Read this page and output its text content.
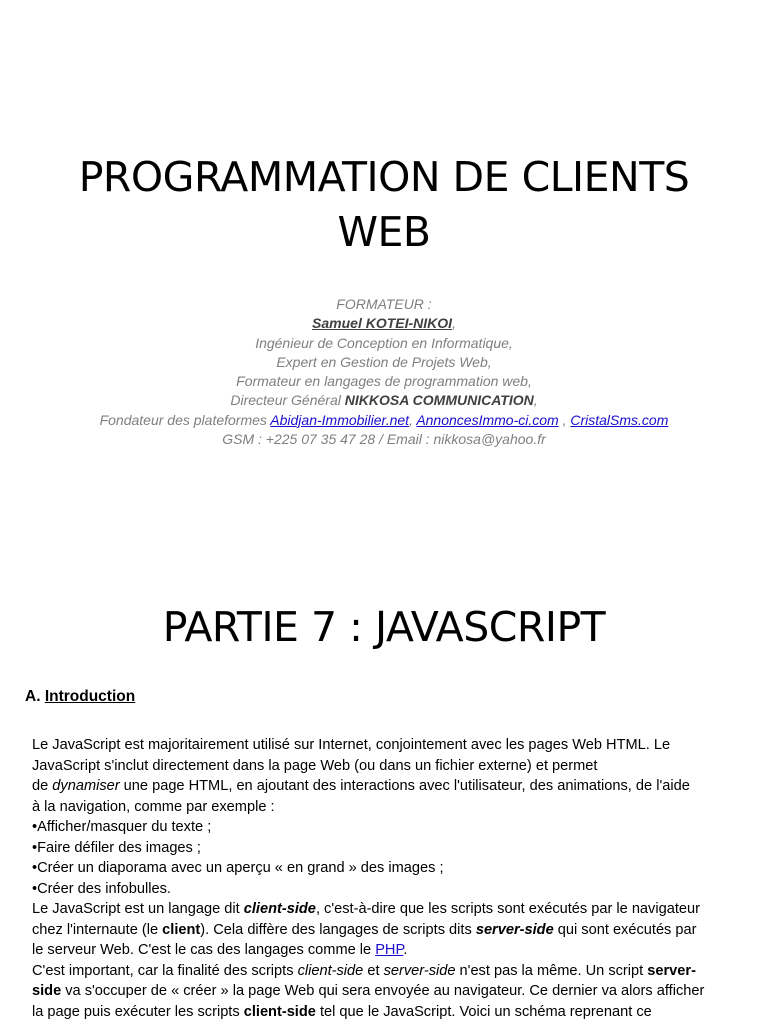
PROGRAMMATION DE CLIENTS
WEB
FORMATEUR :
Samuel KOTEI-NIKOI,
Ingénieur de Conception en Informatique,
Expert en Gestion de Projets Web,
Formateur en langages de programmation web,
Directeur Général NIKKOSA COMMUNICATION,
Fondateur des plateformes Abidjan-Immobilier.net, AnnoncesImmo-ci.com , CristalSms.com
GSM : +225 07 35 47 28 / Email : nikkosa@yahoo.fr
PARTIE 7 : JAVASCRIPT
A. Introduction
Le JavaScript est majoritairement utilisé sur Internet, conjointement avec les pages Web HTML. Le
JavaScript s'inclut directement dans la page Web (ou dans un fichier externe) et permet
de dynamiser une page HTML, en ajoutant des interactions avec l'utilisateur, des animations, de l'aide
à la navigation, comme par exemple :
•Afficher/masquer du texte ;
•Faire défiler des images ;
•Créer un diaporama avec un aperçu « en grand » des images ;
•Créer des infobulles.
Le JavaScript est un langage dit client-side, c'est-à-dire que les scripts sont exécutés par le navigateur
chez l'internaute (le client). Cela diffère des langages de scripts dits server-side qui sont exécutés par
le serveur Web. C'est le cas des langages comme le PHP.
C'est important, car la finalité des scripts client-side et server-side n'est pas la même. Un script server-
side va s'occuper de « créer » la page Web qui sera envoyée au navigateur. Ce dernier va alors afficher
la page puis exécuter les scripts client-side tel que le JavaScript. Voici un schéma reprenant ce
